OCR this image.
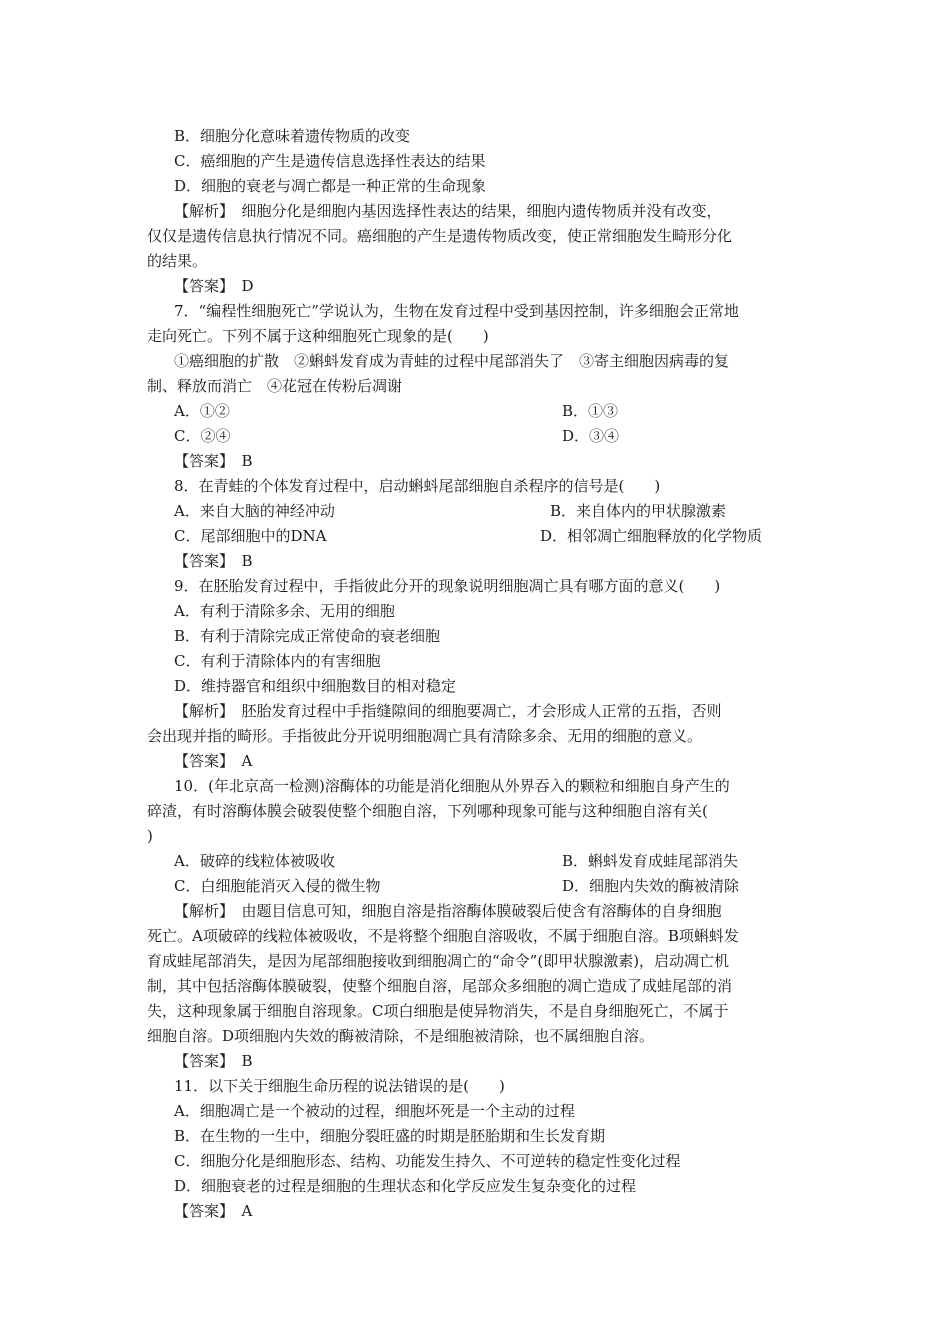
B．细胞分化意味着遗传物质的改变
C．癌细胞的产生是遗传信息选择性表达的结果
D．细胞的衰老与凋亡都是一种正常的生命现象
【解析】　细胞分化是细胞内基因选择性表达的结果，细胞内遗传物质并没有改变，
仅仅是遗传信息执行情况不同。癌细胞的产生是遗传物质改变，使正常细胞发生畸形分化
的结果。
【答案】　D
7．“编程性细胞死亡”学说认为，生物在发育过程中受到基因控制，许多细胞会正常地
走向死亡。下列不属于这种细胞死亡现象的是(　　)
①癌细胞的扩散　②蝌蚪发育成为青蛙的过程中尾部消失了　③寄主细胞因病毒的复
制、释放而消亡　④花冠在传粉后凋谢
A．①②	B．①③
C．②④	D．③④
【答案】　B
8．在青蛙的个体发育过程中，启动蝌蚪尾部细胞自杀程序的信号是(　　)
A．来自大脑的神经冲动	B．来自体内的甲状腺激素
C．尾部细胞中的DNA	D．相邻凋亡细胞释放的化学物质
【答案】　B
9．在胚胎发育过程中，手指彼此分开的现象说明细胞凋亡具有哪方面的意义(　　)
A．有利于清除多余、无用的细胞
B．有利于清除完成正常使命的衰老细胞
C．有利于清除体内的有害细胞
D．维持器官和组织中细胞数目的相对稳定
【解析】　胚胎发育过程中手指缝隙间的细胞要凋亡，才会形成人正常的五指，否则
会出现并指的畸形。手指彼此分开说明细胞凋亡具有清除多余、无用的细胞的意义。
【答案】　A
10．(年北京高一检测)溶酶体的功能是消化细胞从外界吞入的颗粒和细胞自身产生的
碎渣，有时溶酶体膜会破裂使整个细胞自溶，下列哪种现象可能与这种细胞自溶有关(
)
A．破碎的线粒体被吸收	B．蝌蚪发育成蛙尾部消失
C．白细胞能消灭入侵的微生物	D．细胞内失效的酶被清除
【解析】　由题目信息可知，细胞自溶是指溶酶体膜破裂后使含有溶酶体的自身细胞
死亡。A项破碎的线粒体被吸收，不是将整个细胞自溶吸收，不属于细胞自溶。B项蝌蚪发
育成蛙尾部消失，是因为尾部细胞接收到细胞凋亡的“命令”(即甲状腺激素)，启动凋亡机
制，其中包括溶酶体膜破裂，使整个细胞自溶，尾部众多细胞的凋亡造成了成蛙尾部的消
失，这种现象属于细胞自溶现象。C项白细胞是使异物消失，不是自身细胞死亡，不属于
细胞自溶。D项细胞内失效的酶被清除，不是细胞被清除，也不属细胞自溶。
【答案】　B
11．以下关于细胞生命历程的说法错误的是(　　)
A．细胞凋亡是一个被动的过程，细胞坏死是一个主动的过程
B．在生物的一生中，细胞分裂旺盛的时期是胚胎期和生长发育期
C．细胞分化是细胞形态、结构、功能发生持久、不可逆转的稳定性变化过程
D．细胞衰老的过程是细胞的生理状态和化学反应发生复杂变化的过程
【答案】　A
